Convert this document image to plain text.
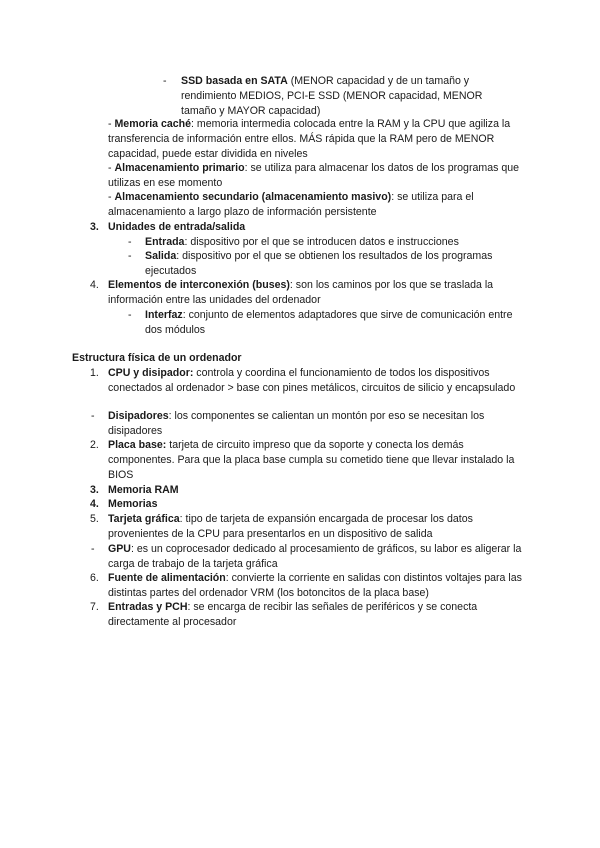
- SSD basada en SATA (MENOR capacidad y de un tamaño y rendimiento MEDIOS, PCI-E SSD (MENOR capacidad, MENOR tamaño y MAYOR capacidad)
- Memoria caché: memoria intermedia colocada entre la RAM y la CPU que agiliza la transferencia de información entre ellos. MÁS rápida que la RAM pero de MENOR capacidad, puede estar dividida en niveles
- Almacenamiento primario: se utiliza para almacenar los datos de los programas que utilizas en ese momento
- Almacenamiento secundario (almacenamiento masivo): se utiliza para el almacenamiento a largo plazo de información persistente
3. Unidades de entrada/salida
- Entrada: dispositivo por el que se introducen datos e instrucciones
- Salida: dispositivo por el que se obtienen los resultados de los programas ejecutados
4. Elementos de interconexión (buses): son los caminos por los que se traslada la información entre las unidades del ordenador
- Interfaz: conjunto de elementos adaptadores que sirve de comunicación entre dos módulos
Estructura física de un ordenador
1. CPU y disipador: controla y coordina el funcionamiento de todos los dispositivos conectados al ordenador > base con pines metálicos, circuitos de silicio y encapsulado
- Disipadores: los componentes se calientan un montón por eso se necesitan los disipadores
2. Placa base: tarjeta de circuito impreso que da soporte y conecta los demás componentes. Para que la placa base cumpla su cometido tiene que llevar instalado la BIOS
3. Memoria RAM
4. Memorias
5. Tarjeta gráfica: tipo de tarjeta de expansión encargada de procesar los datos provenientes de la CPU para presentarlos en un dispositivo de salida
- GPU: es un coprocesador dedicado al procesamiento de gráficos, su labor es aligerar la carga de trabajo de la tarjeta gráfica
6. Fuente de alimentación: convierte la corriente en salidas con distintos voltajes para las distintas partes del ordenador VRM (los botoncitos de la placa base)
7. Entradas y PCH: se encarga de recibir las señales de periféricos y se conecta directamente al procesador
